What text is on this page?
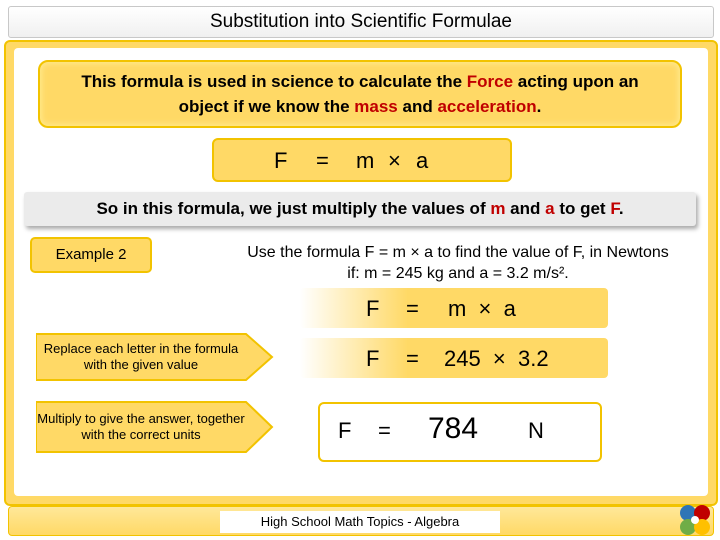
Substitution into Scientific Formulae

This formula is used in science to calculate the Force acting upon an object if we know the mass and acceleration.

F = m × a
So in this formula, we just multiply the values of m and a to get F.
Example 2	Use the formula F = m × a to find the value of F, in Newtons
if: m = 245 kg and a = 3.2 m/s².
F = m  ×  a
F = 245  ×  3.2
F = 784 N
Replace each letter in the formula with the given value
Multiply to give the answer, together with the correct units
High School Math Topics - Algebra
